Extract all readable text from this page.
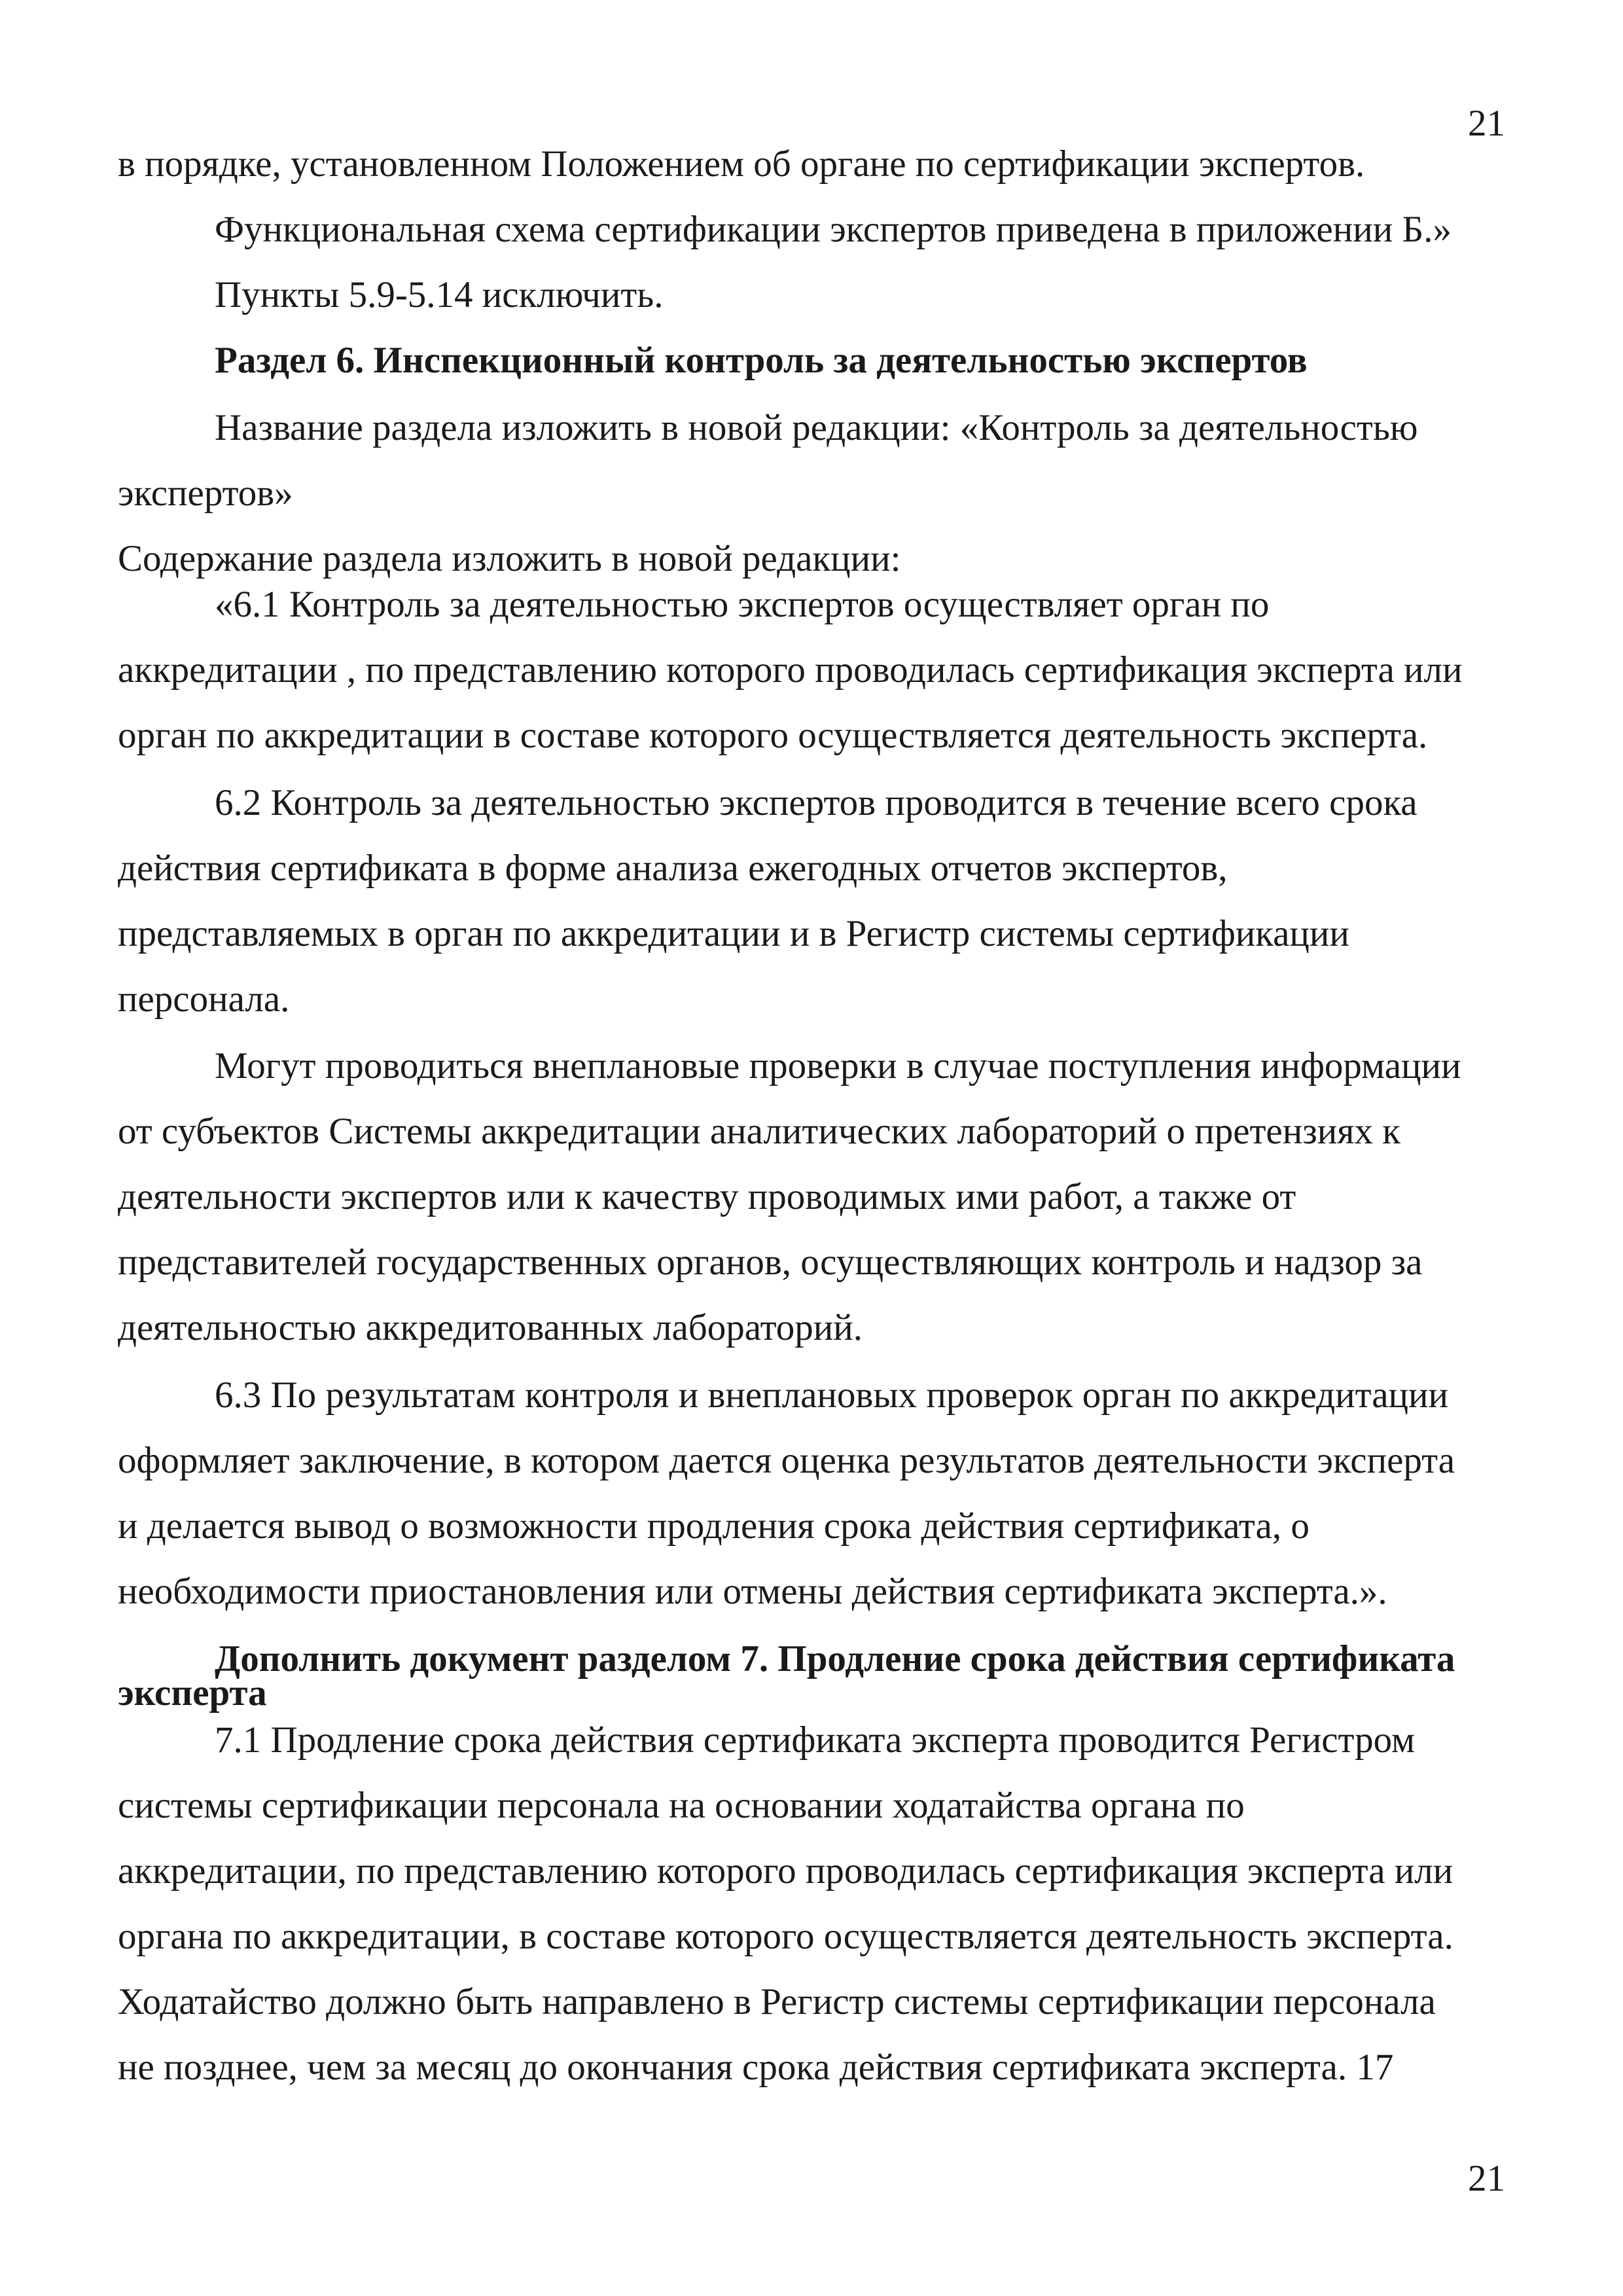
21
в порядке, установленном Положением об органе по сертификации экспертов.
Функциональная схема сертификации экспертов приведена в приложении Б.»
Пункты 5.9-5.14 исключить.
Раздел 6. Инспекционный контроль за деятельностью экспертов
Название раздела изложить в новой редакции: «Контроль за деятельностью
экспертов»
Содержание раздела изложить в новой редакции:
«6.1 Контроль за деятельностью экспертов осуществляет орган по
аккредитации , по представлению которого проводилась сертификация эксперта или
орган по аккредитации в составе которого осуществляется деятельность эксперта.
6.2 Контроль за деятельностью экспертов проводится в течение всего срока
действия сертификата в форме анализа ежегодных отчетов экспертов,
представляемых в орган по аккредитации и в Регистр системы сертификации
персонала.
Могут проводиться внеплановые проверки в случае поступления информации
от субъектов Системы аккредитации аналитических лабораторий о претензиях к
деятельности экспертов или к качеству проводимых ими работ, а также от
представителей государственных органов, осуществляющих контроль и надзор за
деятельностью аккредитованных лабораторий.
6.3 По результатам контроля и внеплановых проверок орган по аккредитации
оформляет заключение, в котором дается оценка результатов деятельности эксперта
и делается вывод о возможности продления срока действия сертификата, о
необходимости приостановления или отмены действия сертификата эксперта.».
Дополнить документ разделом 7. Продление срока действия сертификата
эксперта
7.1 Продление срока действия сертификата эксперта проводится Регистром
системы сертификации персонала на основании ходатайства органа по
аккредитации, по представлению которого проводилась сертификация эксперта или
органа по аккредитации, в составе которого осуществляется деятельность эксперта.
Ходатайство должно быть направлено в Регистр системы сертификации персонала
не позднее, чем за месяц до окончания срока действия сертификата эксперта. 17
21
